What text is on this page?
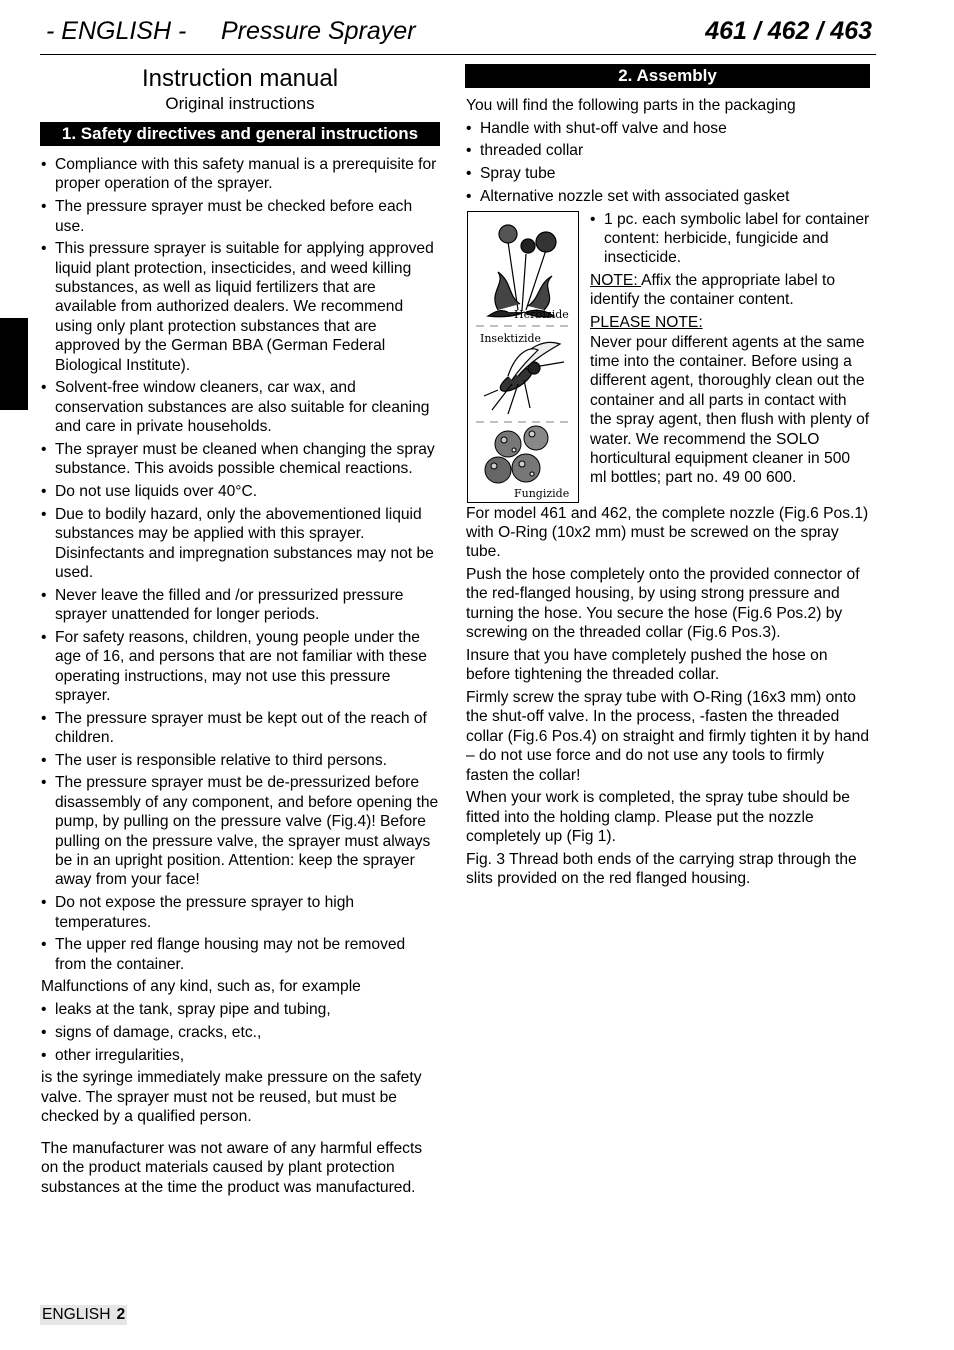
- ENGLISH - Pressure Sprayer	461 / 462 / 463
Instruction manual
Original instructions
1. Safety directives and general instructions
• Compliance with this safety manual is a prerequisite for proper operation of the sprayer.
• The pressure sprayer must be checked before each use.
• This pressure sprayer is suitable for applying approved liquid plant protection, insecticides, and weed killing substances, as well as liquid fertilizers that are available from authorized dealers. We recommend using only plant protection substances that are approved by the German BBA (German Federal Biological Institute).
• Solvent-free window cleaners, car wax, and conservation substances are also suitable for cleaning and care in private households.
• The sprayer must be cleaned when changing the spray substance. This avoids possible chemical reactions.
• Do not use liquids over 40°C.
• Due to bodily hazard, only the abovementioned liquid substances may be applied with this sprayer. Disinfectants and impregnation substances may not be used.
• Never leave the filled and /or pressurized pressure sprayer unattended for longer periods.
• For safety reasons, children, young people under the age of 16, and persons that are not familiar with these operating instructions, may not use this pressure sprayer.
• The pressure sprayer must be kept out of the reach of children.
• The user is responsible relative to third persons.
• The pressure sprayer must be de-pressurized before disassembly of any component, and before opening the pump, by pulling on the pressure valve (Fig.4)! Before pulling on the pressure valve, the sprayer must always be in an upright position. Attention: keep the sprayer away from your face!
• Do not expose the pressure sprayer to high temperatures.
• The upper red flange housing may not be removed from the container.

Malfunctions of any kind, such as, for example

• leaks at the tank, spray pipe and tubing,
• signs of damage, cracks, etc.,
• other irregularities,

is the syringe immediately make pressure on the safety valve. The sprayer must not be reused, but must be checked by a qualified person.

The manufacturer was not aware of any harmful effects on the product materials caused by plant protection substances at the time the product was manufactured.

2. Assembly

You will find the following parts in the packaging

• Handle with shut-off valve and hose
• threaded collar
• Spray tube
• Alternative nozzle set with associated gasket
Herbizide
Insektizide
Fungizide
• 1 pc. each symbolic label for container content: herbicide, fungicide and insecticide.

NOTE: Affix the appropriate label to identify the container content.

PLEASE NOTE:

Never pour different agents at the same time into the container. Before using a different agent, thoroughly clean out the container and all parts in contact with the spray agent, then flush with plenty of water. We recommend the SOLO horticultural equipment cleaner in 500 ml bottles; part no. 49 00 600.

For model 461 and 462, the complete nozzle (Fig.6 Pos.1) with O-Ring (10x2 mm) must be screwed on the spray tube.

Push the hose completely onto the provided connector of the red-flanged housing, by using strong pressure and turning the hose. You secure the hose (Fig.6 Pos.2) by screwing on the threaded collar (Fig.6 Pos.3).

Insure that you have completely pushed the hose on before tightening the threaded collar.

Firmly screw the spray tube with O-Ring (16x3 mm) onto the shut-off valve. In the process, -fasten the threaded collar (Fig.6 Pos.4) on straight and firmly tighten it by hand – do not use force and do not use any tools to firmly fasten the collar!

When your work is completed, the spray tube should be fitted into the holding clamp. Please put the nozzle completely up (Fig 1).

Fig. 3 Thread both ends of the carrying strap through the slits provided on the red flanged housing.

ENGLISH 2
